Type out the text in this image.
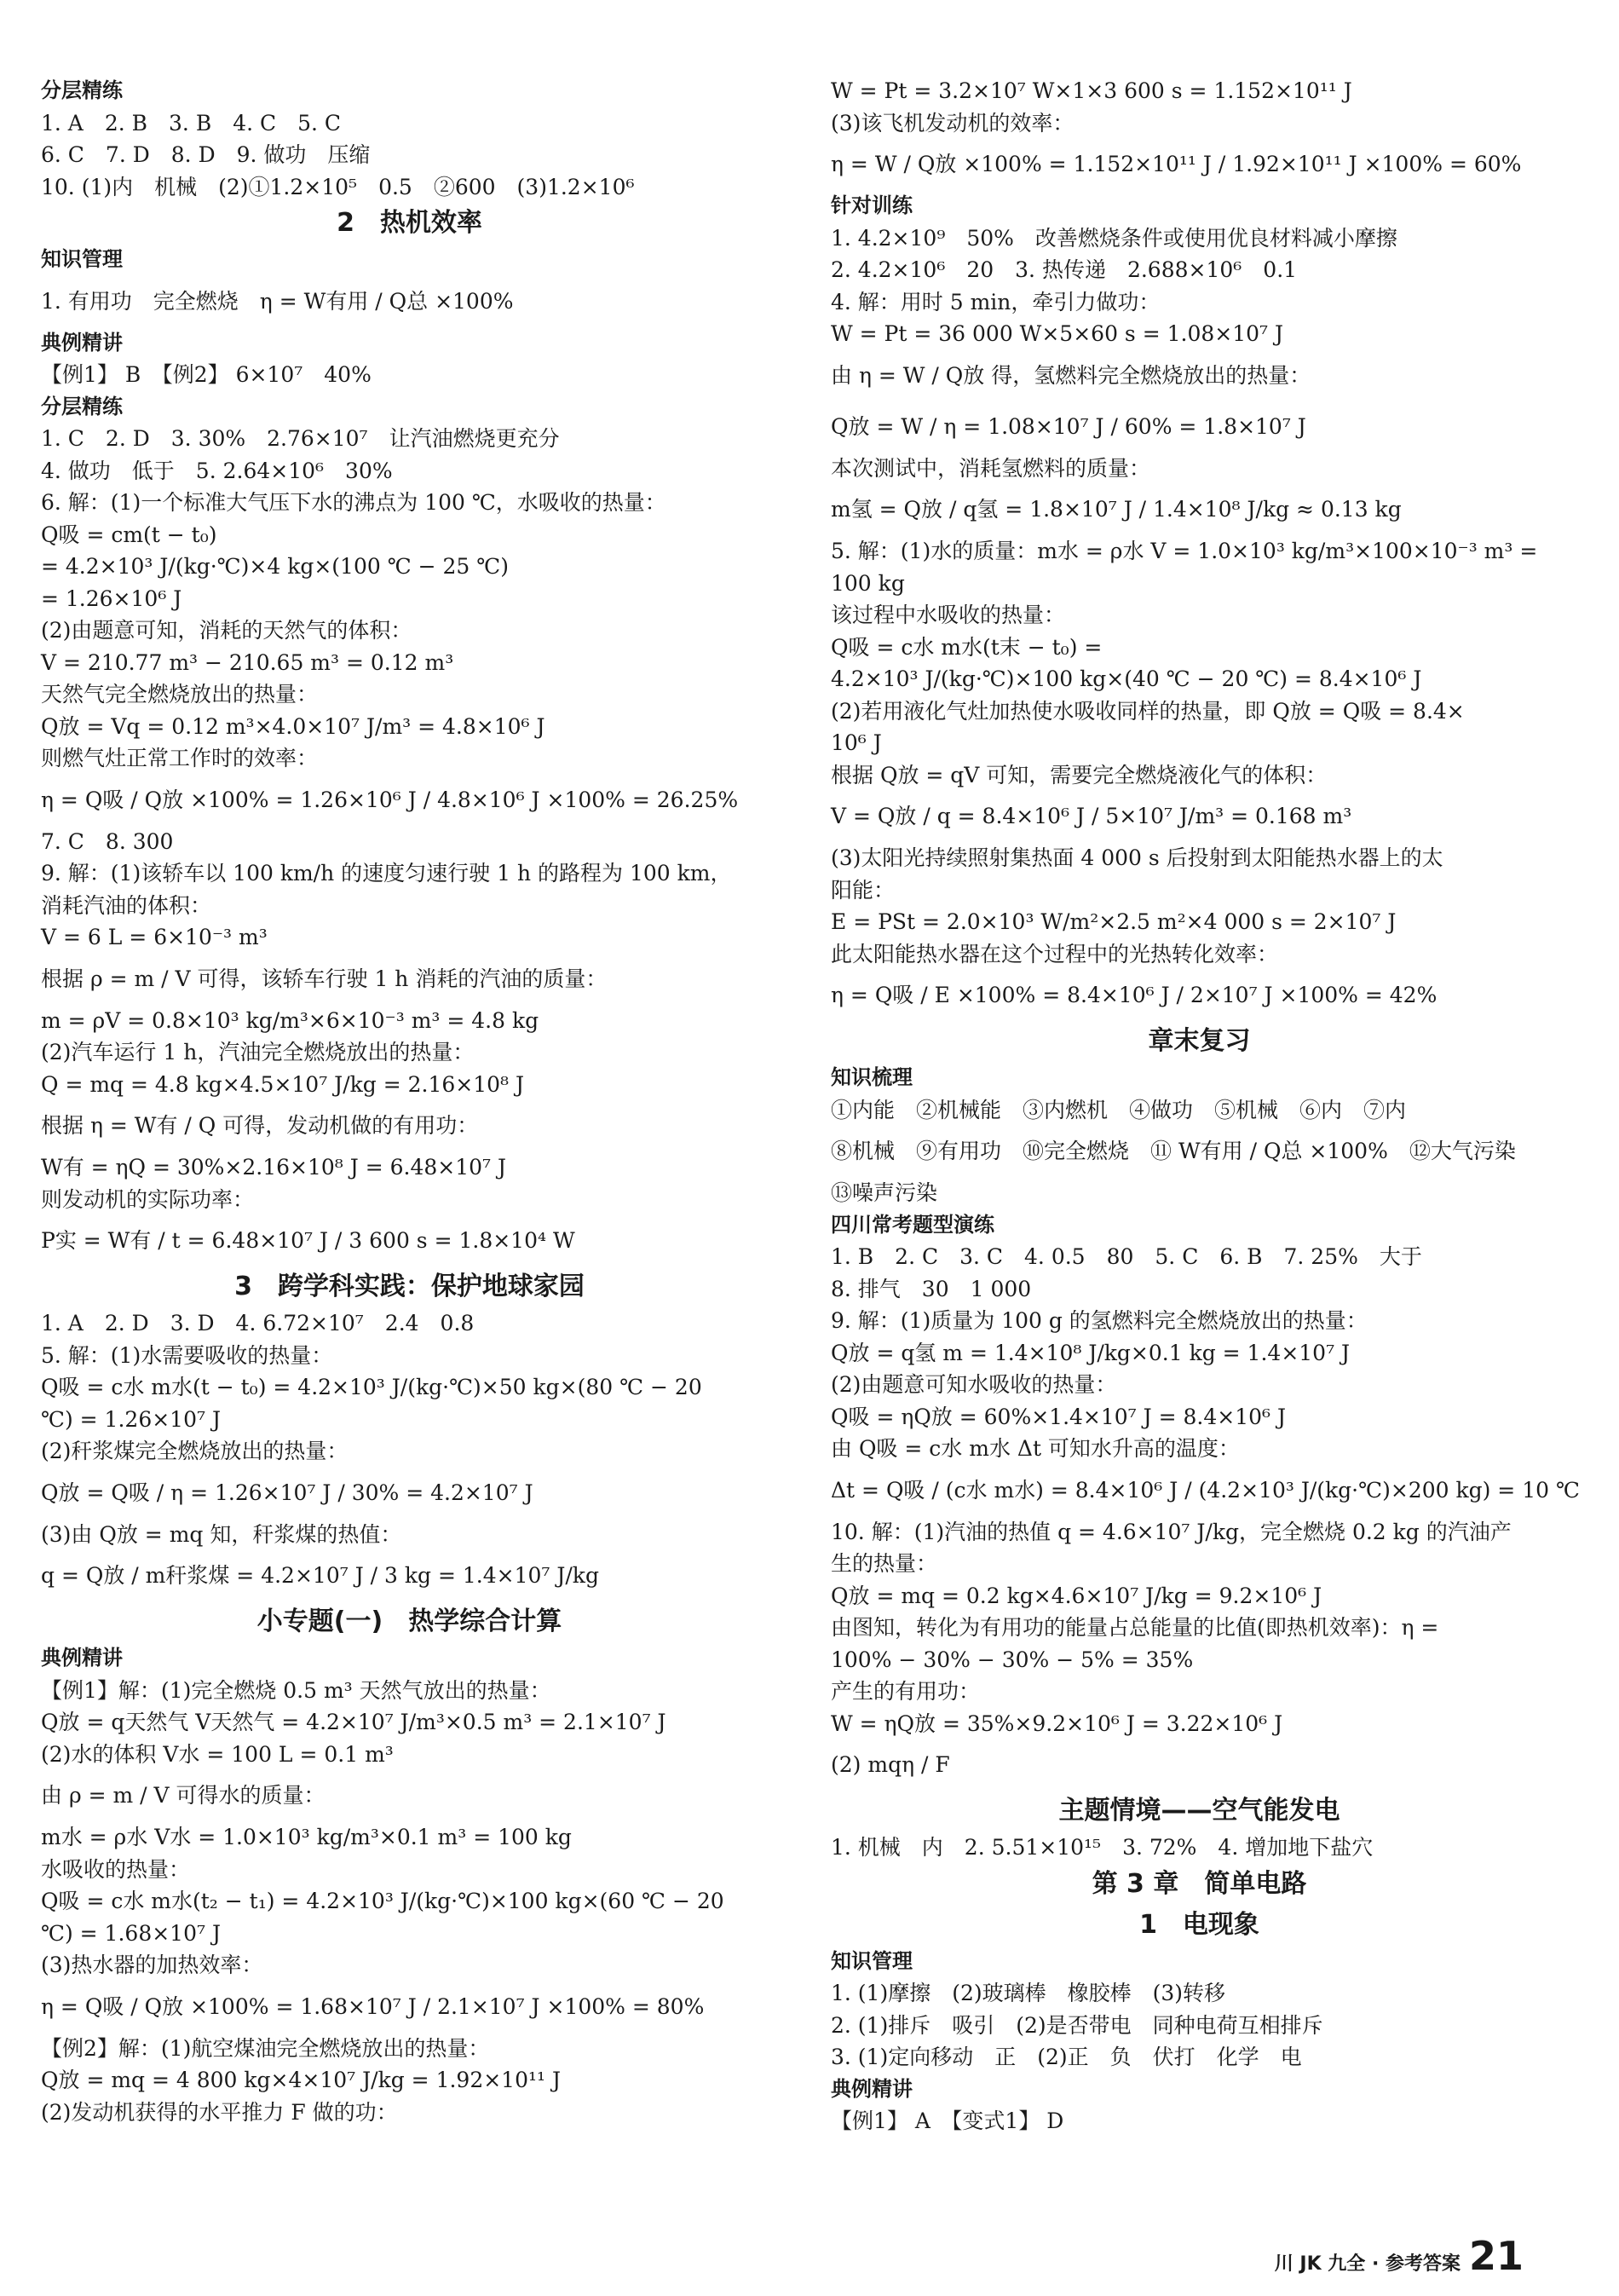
分层精练
1. A　2. B　3. B　4. C　5. C
6. C　7. D　8. D　9. 做功　压缩
10. (1)内　机械　(2)①1.2×10⁵　0.5　②600　(3)1.2×10⁶
2　热机效率
知识管理
1. 有用功　完全燃烧　η = W有用 / Q总 ×100%
典例精讲
【例1】 B　【例2】 6×10⁷　40%
分层精练
1. C　2. D　3. 30%　2.76×10⁷　让汽油燃烧更充分
4. 做功　低于　5. 2.64×10⁶　30%
6. 解：(1)一个标准大气压下水的沸点为 100 ℃，水吸收的热量：
Q吸 = cm(t − t₀)
= 4.2×10³ J/(kg·℃)×4 kg×(100 ℃ − 25 ℃)
= 1.26×10⁶ J
(2)由题意可知，消耗的天然气的体积：
V = 210.77 m³ − 210.65 m³ = 0.12 m³
天然气完全燃烧放出的热量：
Q放 = Vq = 0.12 m³×4.0×10⁷ J/m³ = 4.8×10⁶ J
则燃气灶正常工作时的效率：
η = Q吸 / Q放 ×100% = 1.26×10⁶ J / 4.8×10⁶ J ×100% = 26.25%
7. C　8. 300
9. 解：(1)该轿车以 100 km/h 的速度匀速行驶 1 h 的路程为 100 km，
消耗汽油的体积：
V = 6 L = 6×10⁻³ m³
根据 ρ = m / V 可得，该轿车行驶 1 h 消耗的汽油的质量：
m = ρV = 0.8×10³ kg/m³×6×10⁻³ m³ = 4.8 kg
(2)汽车运行 1 h，汽油完全燃烧放出的热量：
Q = mq = 4.8 kg×4.5×10⁷ J/kg = 2.16×10⁸ J
根据 η = W有 / Q 可得，发动机做的有用功：
W有 = ηQ = 30%×2.16×10⁸ J = 6.48×10⁷ J
则发动机的实际功率：
P实 = W有 / t = 6.48×10⁷ J / 3 600 s = 1.8×10⁴ W
3　跨学科实践：保护地球家园
1. A　2. D　3. D　4. 6.72×10⁷　2.4　0.8
5. 解：(1)水需要吸收的热量：
Q吸 = c水 m水(t − t₀) = 4.2×10³ J/(kg·℃)×50 kg×(80 ℃ − 20
℃) = 1.26×10⁷ J
(2)秆浆煤完全燃烧放出的热量：
Q放 = Q吸 / η = 1.26×10⁷ J / 30% = 4.2×10⁷ J
(3)由 Q放 = mq 知，秆浆煤的热值：
q = Q放 / m秆浆煤 = 4.2×10⁷ J / 3 kg = 1.4×10⁷ J/kg
小专题(一)　热学综合计算
典例精讲
【例1】解：(1)完全燃烧 0.5 m³ 天然气放出的热量：
Q放 = q天然气 V天然气 = 4.2×10⁷ J/m³×0.5 m³ = 2.1×10⁷ J
(2)水的体积 V水 = 100 L = 0.1 m³
由 ρ = m / V 可得水的质量：
m水 = ρ水 V水 = 1.0×10³ kg/m³×0.1 m³ = 100 kg
水吸收的热量：
Q吸 = c水 m水(t₂ − t₁) = 4.2×10³ J/(kg·℃)×100 kg×(60 ℃ − 20
℃) = 1.68×10⁷ J
(3)热水器的加热效率：
η = Q吸 / Q放 ×100% = 1.68×10⁷ J / 2.1×10⁷ J ×100% = 80%
【例2】解：(1)航空煤油完全燃烧放出的热量：
Q放 = mq = 4 800 kg×4×10⁷ J/kg = 1.92×10¹¹ J
(2)发动机获得的水平推力 F 做的功：
W = Pt = 3.2×10⁷ W×1×3 600 s = 1.152×10¹¹ J
(3)该飞机发动机的效率：
η = W / Q放 ×100% = 1.152×10¹¹ J / 1.92×10¹¹ J ×100% = 60%
针对训练
1. 4.2×10⁹　50%　改善燃烧条件或使用优良材料减小摩擦
2. 4.2×10⁶　20　3. 热传递　2.688×10⁶　0.1
4. 解：用时 5 min，牵引力做功：
W = Pt = 36 000 W×5×60 s = 1.08×10⁷ J
由 η = W / Q放 得，氢燃料完全燃烧放出的热量：
Q放 = W / η = 1.08×10⁷ J / 60% = 1.8×10⁷ J
本次测试中，消耗氢燃料的质量：
m氢 = Q放 / q氢 = 1.8×10⁷ J / 1.4×10⁸ J/kg ≈ 0.13 kg
5. 解：(1)水的质量：m水 = ρ水 V = 1.0×10³ kg/m³×100×10⁻³ m³ =
100 kg
该过程中水吸收的热量：
Q吸 = c水 m水(t末 − t₀) =
4.2×10³ J/(kg·℃)×100 kg×(40 ℃ − 20 ℃) = 8.4×10⁶ J
(2)若用液化气灶加热使水吸收同样的热量，即 Q放 = Q吸 = 8.4×
10⁶ J
根据 Q放 = qV 可知，需要完全燃烧液化气的体积：
V = Q放 / q = 8.4×10⁶ J / 5×10⁷ J/m³ = 0.168 m³
(3)太阳光持续照射集热面 4 000 s 后投射到太阳能热水器上的太
阳能：
E = PSt = 2.0×10³ W/m²×2.5 m²×4 000 s = 2×10⁷ J
此太阳能热水器在这个过程中的光热转化效率：
η = Q吸 / E ×100% = 8.4×10⁶ J / 2×10⁷ J ×100% = 42%
章末复习
知识梳理
①内能　②机械能　③内燃机　④做功　⑤机械　⑥内　⑦内
⑧机械　⑨有用功　⑩完全燃烧　⑪ W有用 / Q总 ×100%　⑫大气污染
⑬噪声污染
四川常考题型演练
1. B　2. C　3. C　4. 0.5　80　5. C　6. B　7. 25%　大于
8. 排气　30　1 000
9. 解：(1)质量为 100 g 的氢燃料完全燃烧放出的热量：
Q放 = q氢 m = 1.4×10⁸ J/kg×0.1 kg = 1.4×10⁷ J
(2)由题意可知水吸收的热量：
Q吸 = ηQ放 = 60%×1.4×10⁷ J = 8.4×10⁶ J
由 Q吸 = c水 m水 Δt 可知水升高的温度：
Δt = Q吸 / (c水 m水) = 8.4×10⁶ J / (4.2×10³ J/(kg·℃)×200 kg) = 10 ℃
10. 解：(1)汽油的热值 q = 4.6×10⁷ J/kg，完全燃烧 0.2 kg 的汽油产
生的热量：
Q放 = mq = 0.2 kg×4.6×10⁷ J/kg = 9.2×10⁶ J
由图知，转化为有用功的能量占总能量的比值(即热机效率)：η =
100% − 30% − 30% − 5% = 35%
产生的有用功：
W = ηQ放 = 35%×9.2×10⁶ J = 3.22×10⁶ J
(2) mqη / F
主题情境——空气能发电
1. 机械　内　2. 5.51×10¹⁵　3. 72%　4. 增加地下盐穴
第 3 章　简单电路
1　电现象
知识管理
1. (1)摩擦　(2)玻璃棒　橡胶棒　(3)转移
2. (1)排斥　吸引　(2)是否带电　同种电荷互相排斥
3. (1)定向移动　正　(2)正　负　伏打　化学　电
典例精讲
【例1】 A　【变式1】 D
川 JK 九全 · 参考答案 21
